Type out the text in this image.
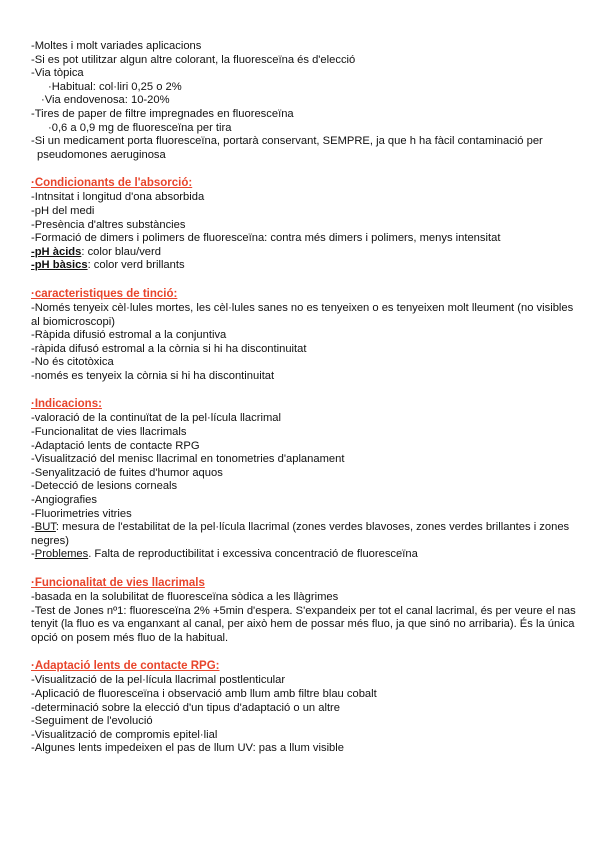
-Moltes i molt variades aplicacions

-Si es pot utilitzar algun altre colorant, la fluoresceïna és d'elecció

-Via tòpica

·Habitual: col·liri 0,25 o 2%

·Via endovenosa: 10-20%

-Tires de paper de filtre impregnades en fluoresceïna

·0,6 a 0,9 mg de fluoresceïna per tira

-Si un medicament porta fluoresceïna, portarà conservant, SEMPRE, ja que h ha fàcil contaminació per

pseudomones aeruginosa

·Condicionants de l'absorció:

-Intnsitat i longitud d'ona absorbida

-pH del medi

-Presència d'altres substàncies

-Formació de dimers i polimers de fluoresceïna: contra més dimers i polimers, menys intensitat

-pH àcids: color blau/verd

-pH bàsics: color verd brillants

·caracteristiques de tinció:

-Només tenyeix cèl·lules mortes, les cèl·lules sanes no es tenyeixen o es tenyeixen molt lleument (no visibles al biomicroscopi)

-Ràpida difusió estromal a la conjuntiva

-ràpida difusó estromal a la còrnia si hi ha discontinuitat

-No és citotòxica

-només es tenyeix la còrnia si hi ha discontinuitat

·Indicacions:

-valoració de la continuïtat de la pel·lícula llacrimal

-Funcionalitat de vies llacrimals

-Adaptació lents de contacte RPG

-Visualització del menisc llacrimal en tonometries d'aplanament

-Senyalització de fuites d'humor aquos

-Detecció de lesions corneals

-Angiografies

-Fluorimetries vitries

-BUT: mesura de l'estabilitat de la pel·lícula llacrimal (zones verdes blavoses, zones verdes brillantes i zones negres)

-Problemes. Falta de reproductibilitat i excessiva concentració de fluoresceïna

·Funcionalitat de vies llacrimals

-basada en la solubilitat de fluoresceïna sòdica a les llàgrimes

-Test de Jones nº1: fluoresceïna 2% +5min d'espera. S'expandeix per tot el canal lacrimal, és per veure el nas tenyit (la fluo es va enganxant al canal, per això hem de possar més fluo, ja que sinó no arribaria). És la única opció on posem més fluo de la habitual.

·Adaptació lents de contacte RPG:

-Visualització de la pel·lícula llacrimal postlenticular

-Aplicació de fluoresceïna i observació amb llum amb filtre blau cobalt

-determinació sobre la elecció d'un tipus d'adaptació o un altre

-Seguiment de l'evolució

-Visualització de compromis epitel·lial

-Algunes lents impedeixen el pas de llum UV: pas a llum visible
